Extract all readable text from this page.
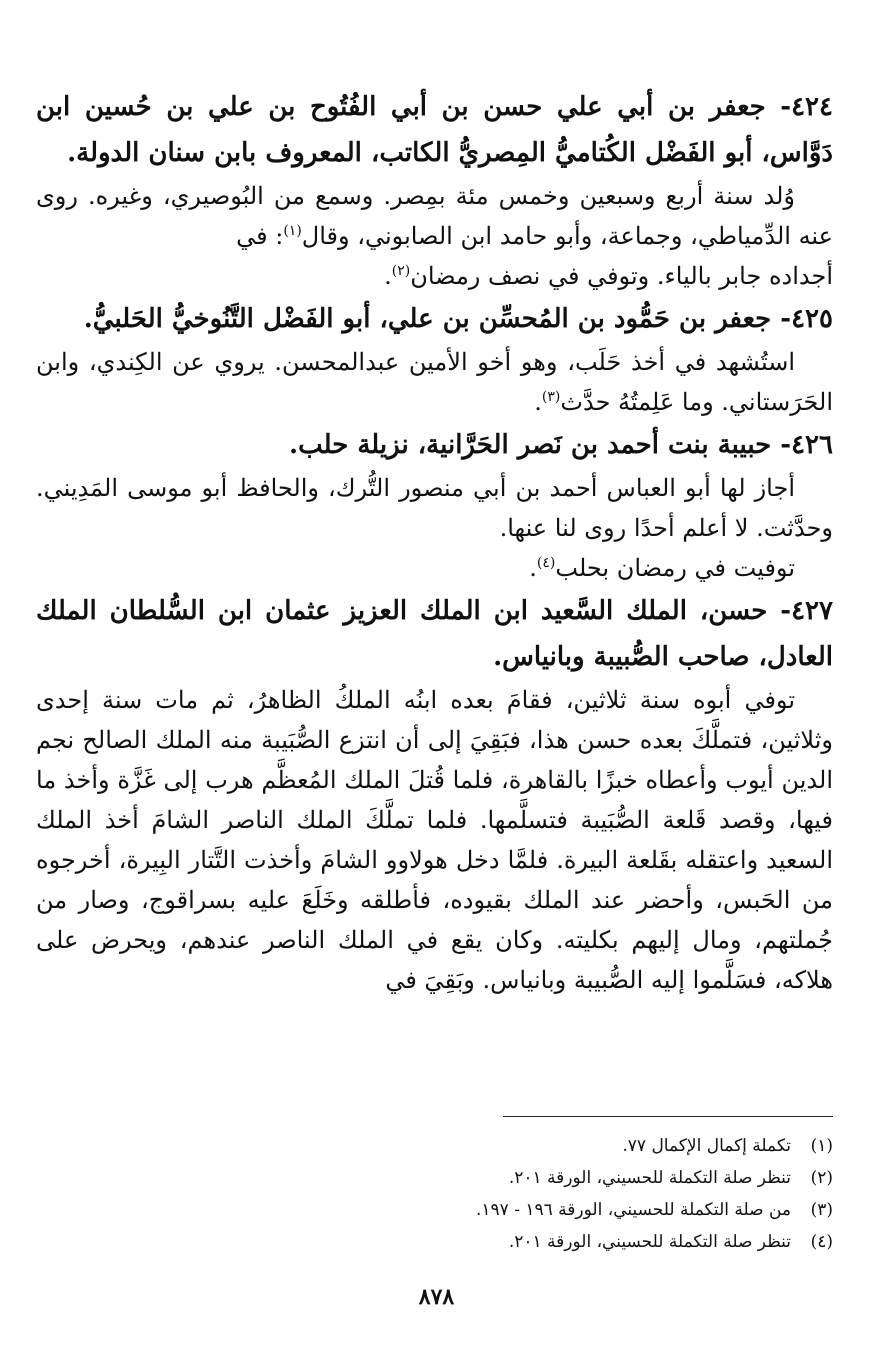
٤٢٤- جعفر بن أبي علي حسن بن أبي الفُتُوح بن علي بن حُسين ابن دَوَّاس، أبو الفَضْل الكُتاميُّ المِصريُّ الكاتب، المعروف بابن سنان الدولة.

وُلد سنة أربع وسبعين وخمس مئة بمِصر. وسمع من البُوصيري، وغيره. روى عنه الدِّمياطي، وجماعة، وأبو حامد ابن الصابوني، وقال$^{(١)}$: في

أجداده جابر بالياء. وتوفي في نصف رمضان$^{(٢)}$.

٤٢٥- جعفر بن حَمُّود بن المُحسِّن بن علي، أبو الفَضْل التَّنُوخيُّ الحَلبيُّ.

استُشهد في أخذ حَلَب، وهو أخو الأمين عبدالمحسن. يروي عن الكِندي، وابن الحَرَستاني. وما عَلِمتُهُ حدَّث$^{(٣)}$.

٤٢٦- حبيبة بنت أحمد بن نَصر الحَرَّانية، نزيلة حلب.

أجاز لها أبو العباس أحمد بن أبي منصور التُّرك، والحافظ أبو موسى المَدِيني. وحدَّثت. لا أعلم أحدًا روى لنا عنها.

توفيت في رمضان بحلب$^{(٤)}$.

٤٢٧- حسن، الملك السَّعيد ابن الملك العزيز عثمان ابن السُّلطان الملك العادل، صاحب الصُّبيبة وبانياس.

توفي أبوه سنة ثلاثين، فقامَ بعده ابنُه الملكُ الظاهرُ، ثم مات سنة إحدى وثلاثين، فتملَّكَ بعده حسن هذا، فبَقِيَ إلى أن انتزع الصُّبَيبة منه الملك الصالح نجم الدين أيوب وأعطاه خبزًا بالقاهرة، فلما قُتلَ الملك المُعظَّم هرب إلى غَزَّة وأخذ ما فيها، وقصد قَلعة الصُّبَيبة فتسلَّمها. فلما تملَّكَ الملك الناصر الشامَ أخذ الملك السعيد واعتقله بقَلعة البيرة. فلمَّا دخل هولاوو الشامَ وأخذت التَّتار البِيرة، أخرجوه من الحَبس، وأحضر عند الملك بقيوده، فأطلقه وخَلَعَ عليه بسراقوج، وصار من جُملتهم، ومال إليهم بكليته. وكان يقع في الملك الناصر عندهم، ويحرض على هلاكه، فسَلَّموا إليه الصُّبيبة وبانياس. وبَقِيَ في

(١)تكملة إكمال الإكمال ٧٧.
(٢)تنظر صلة التكملة للحسيني، الورقة ٢٠١.
(٣)من صلة التكملة للحسيني، الورقة ١٩٦ - ١٩٧.
(٤)تنظر صلة التكملة للحسيني، الورقة ٢٠١.
٨٧٨
